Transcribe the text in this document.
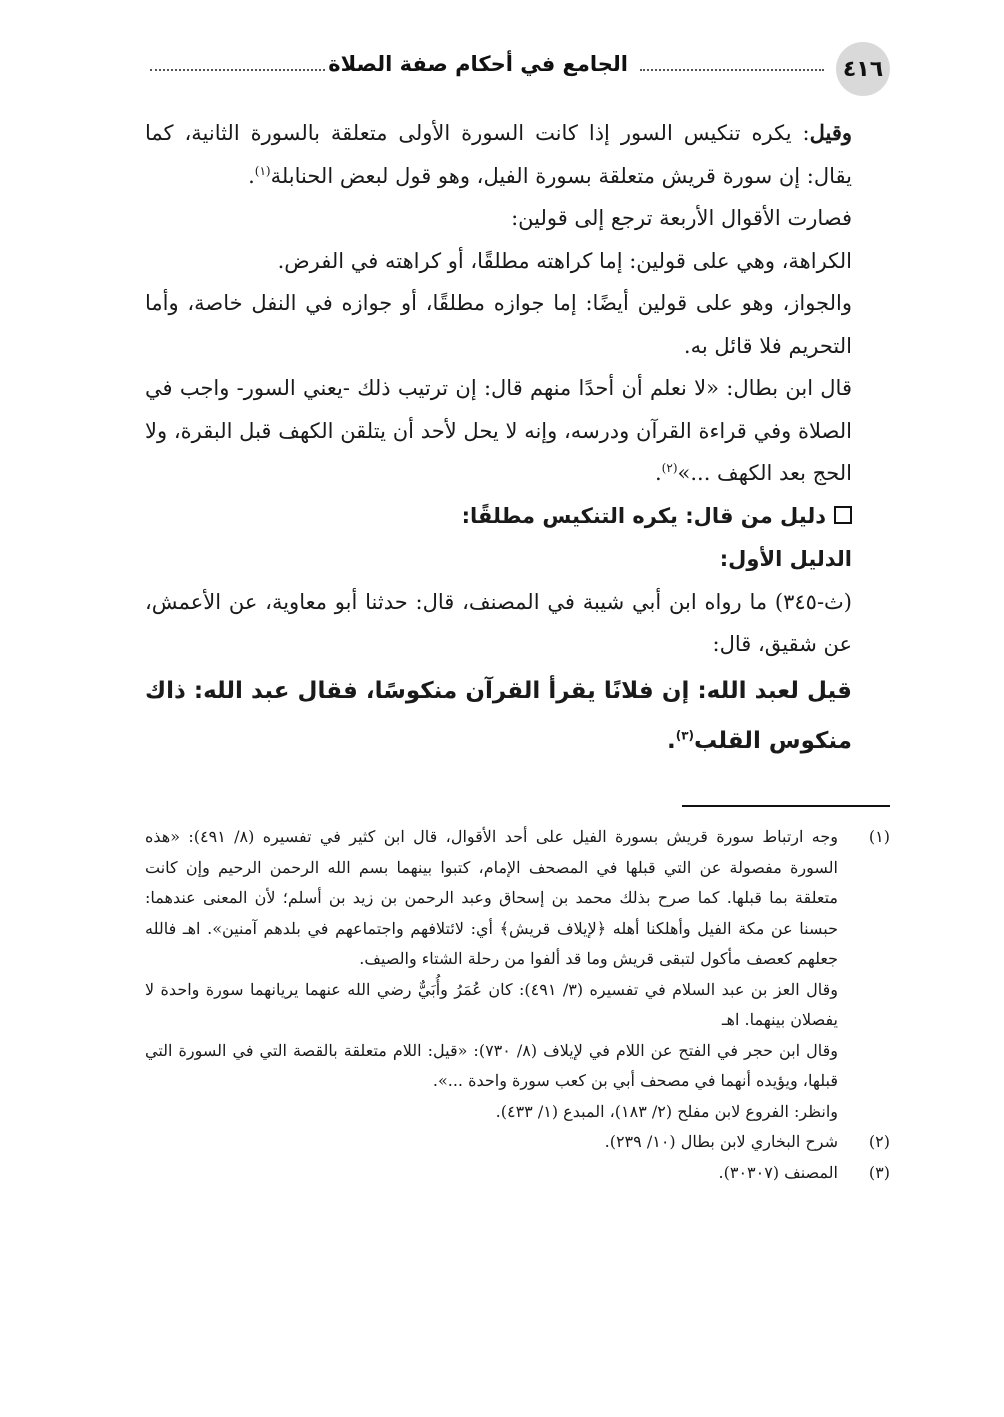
٤١٦
الجامع في أحكام صفة الصلاة

وقيل: يكره تنكيس السور إذا كانت السورة الأولى متعلقة بالسورة الثانية، كما يقال: إن سورة قريش متعلقة بسورة الفيل، وهو قول لبعض الحنابلة$^{(١)}$.

فصارت الأقوال الأربعة ترجع إلى قولين:

الكراهة، وهي على قولين: إما كراهته مطلقًا، أو كراهته في الفرض.

والجواز، وهو على قولين أيضًا: إما جوازه مطلقًا، أو جوازه في النفل خاصة، وأما التحريم فلا قائل به.

قال ابن بطال: «لا نعلم أن أحدًا منهم قال: إن ترتيب ذلك -يعني السور- واجب في الصلاة وفي قراءة القرآن ودرسه، وإنه لا يحل لأحد أن يتلقن الكهف قبل البقرة، ولا الحج بعد الكهف ...»$^{(٢)}$.

دليل من قال: يكره التنكيس مطلقًا:

الدليل الأول:

(ث-٣٤٥) ما رواه ابن أبي شيبة في المصنف، قال: حدثنا أبو معاوية، عن الأعمش، عن شقيق، قال:

قيل لعبد الله: إن فلانًا يقرأ القرآن منكوسًا، فقال عبد الله: ذاك منكوس القلب$^{(٣)}$.

(١)
وجه ارتباط سورة قريش بسورة الفيل على أحد الأقوال، قال ابن كثير في تفسيره (٨/ ٤٩١): «هذه السورة مفصولة عن التي قبلها في المصحف الإمام، كتبوا بينهما بسم الله الرحمن الرحيم وإن كانت متعلقة بما قبلها. كما صرح بذلك محمد بن إسحاق وعبد الرحمن بن زيد بن أسلم؛ لأن المعنى عندهما: حبسنا عن مكة الفيل وأهلكنا أهله ﴿لإيلاف قريش﴾ أي: لائتلافهم واجتماعهم في بلدهم آمنين». اهـ فالله جعلهم كعصف مأكول لتبقى قريش وما قد ألفوا من رحلة الشتاء والصيف.

وقال العز بن عبد السلام في تفسيره (٣/ ٤٩١): كان عُمَرُ وأُبَيٌّ رضي الله عنهما يريانهما سورة واحدة لا يفصلان بينهما. اهـ

وقال ابن حجر في الفتح عن اللام في لإيلاف (٨/ ٧٣٠): «قيل: اللام متعلقة بالقصة التي في السورة التي قبلها، ويؤيده أنهما في مصحف أبي بن كعب سورة واحدة ...».

وانظر: الفروع لابن مفلح (٢/ ١٨٣)، المبدع (١/ ٤٣٣).

(٢)
شرح البخاري لابن بطال (١٠/ ٢٣٩).

(٣)
المصنف (٣٠٣٠٧).
